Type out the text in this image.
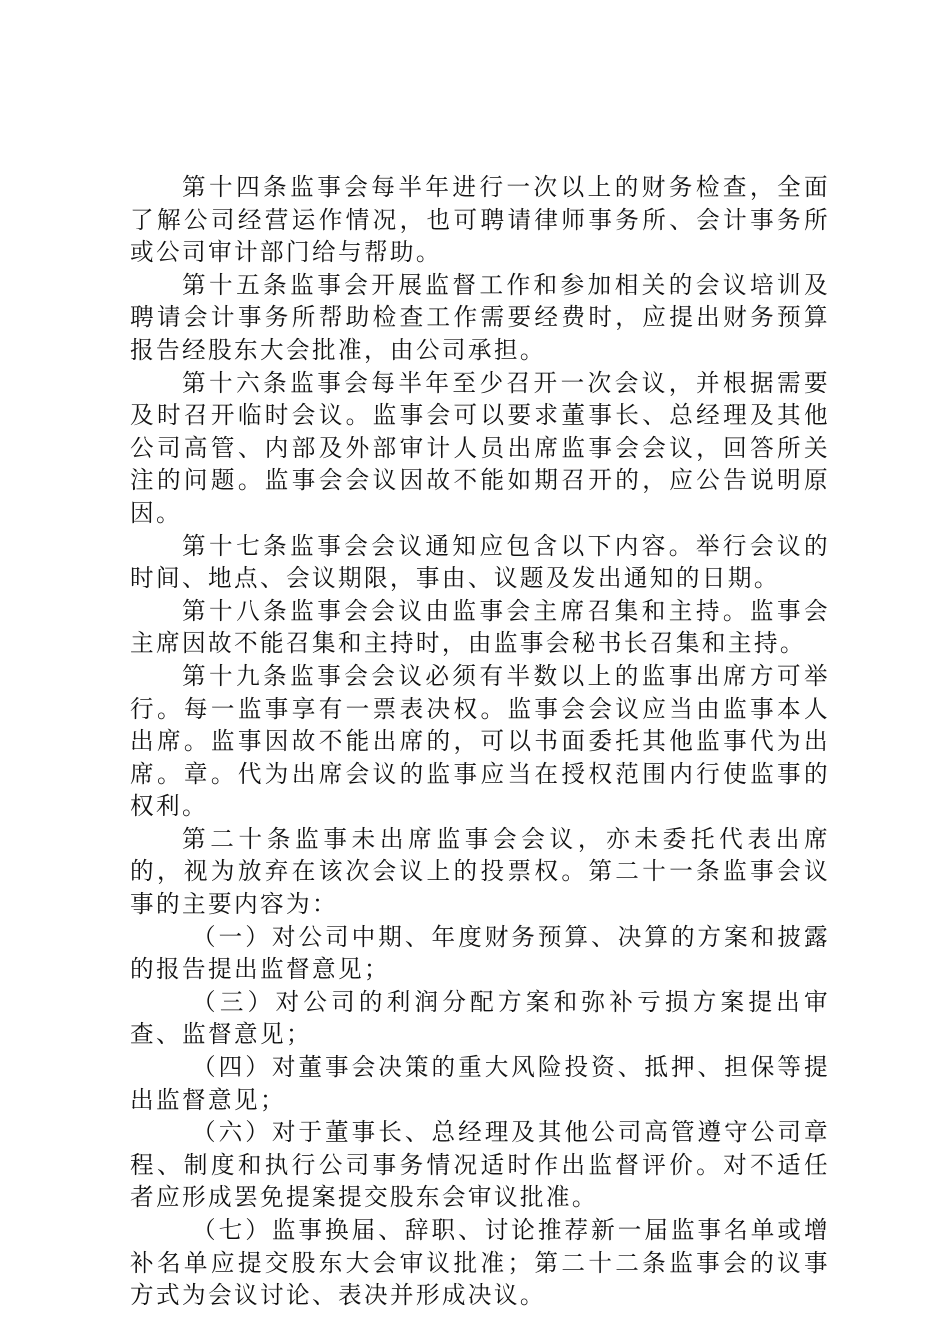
第十四条监事会每半年进行一次以上的财务检查，全面了解公司经营运作情况，也可聘请律师事务所、会计事务所或公司审计部门给与帮助。

第十五条监事会开展监督工作和参加相关的会议培训及聘请会计事务所帮助检查工作需要经费时，应提出财务预算报告经股东大会批准，由公司承担。

第十六条监事会每半年至少召开一次会议，并根据需要及时召开临时会议。监事会可以要求董事长、总经理及其他公司高管、内部及外部审计人员出席监事会会议，回答所关注的问题。监事会会议因故不能如期召开的，应公告说明原因。

第十七条监事会会议通知应包含以下内容。举行会议的时间、地点、会议期限，事由、议题及发出通知的日期。

第十八条监事会会议由监事会主席召集和主持。监事会主席因故不能召集和主持时，由监事会秘书长召集和主持。

第十九条监事会会议必须有半数以上的监事出席方可举行。每一监事享有一票表决权。监事会会议应当由监事本人出席。监事因故不能出席的，可以书面委托其他监事代为出席。章。代为出席会议的监事应当在授权范围内行使监事的权利。

第二十条监事未出席监事会会议，亦未委托代表出席的，视为放弃在该次会议上的投票权。第二十一条监事会议事的主要内容为：

（一）对公司中期、年度财务预算、决算的方案和披露的报告提出监督意见；

（三）对公司的利润分配方案和弥补亏损方案提出审查、监督意见；

（四）对董事会决策的重大风险投资、抵押、担保等提出监督意见；

（六）对于董事长、总经理及其他公司高管遵守公司章程、制度和执行公司事务情况适时作出监督评价。对不适任者应形成罢免提案提交股东会审议批准。

（七）监事换届、辞职、讨论推荐新一届监事名单或增补名单应提交股东大会审议批准；第二十二条监事会的议事方式为会议讨论、表决并形成决议。
